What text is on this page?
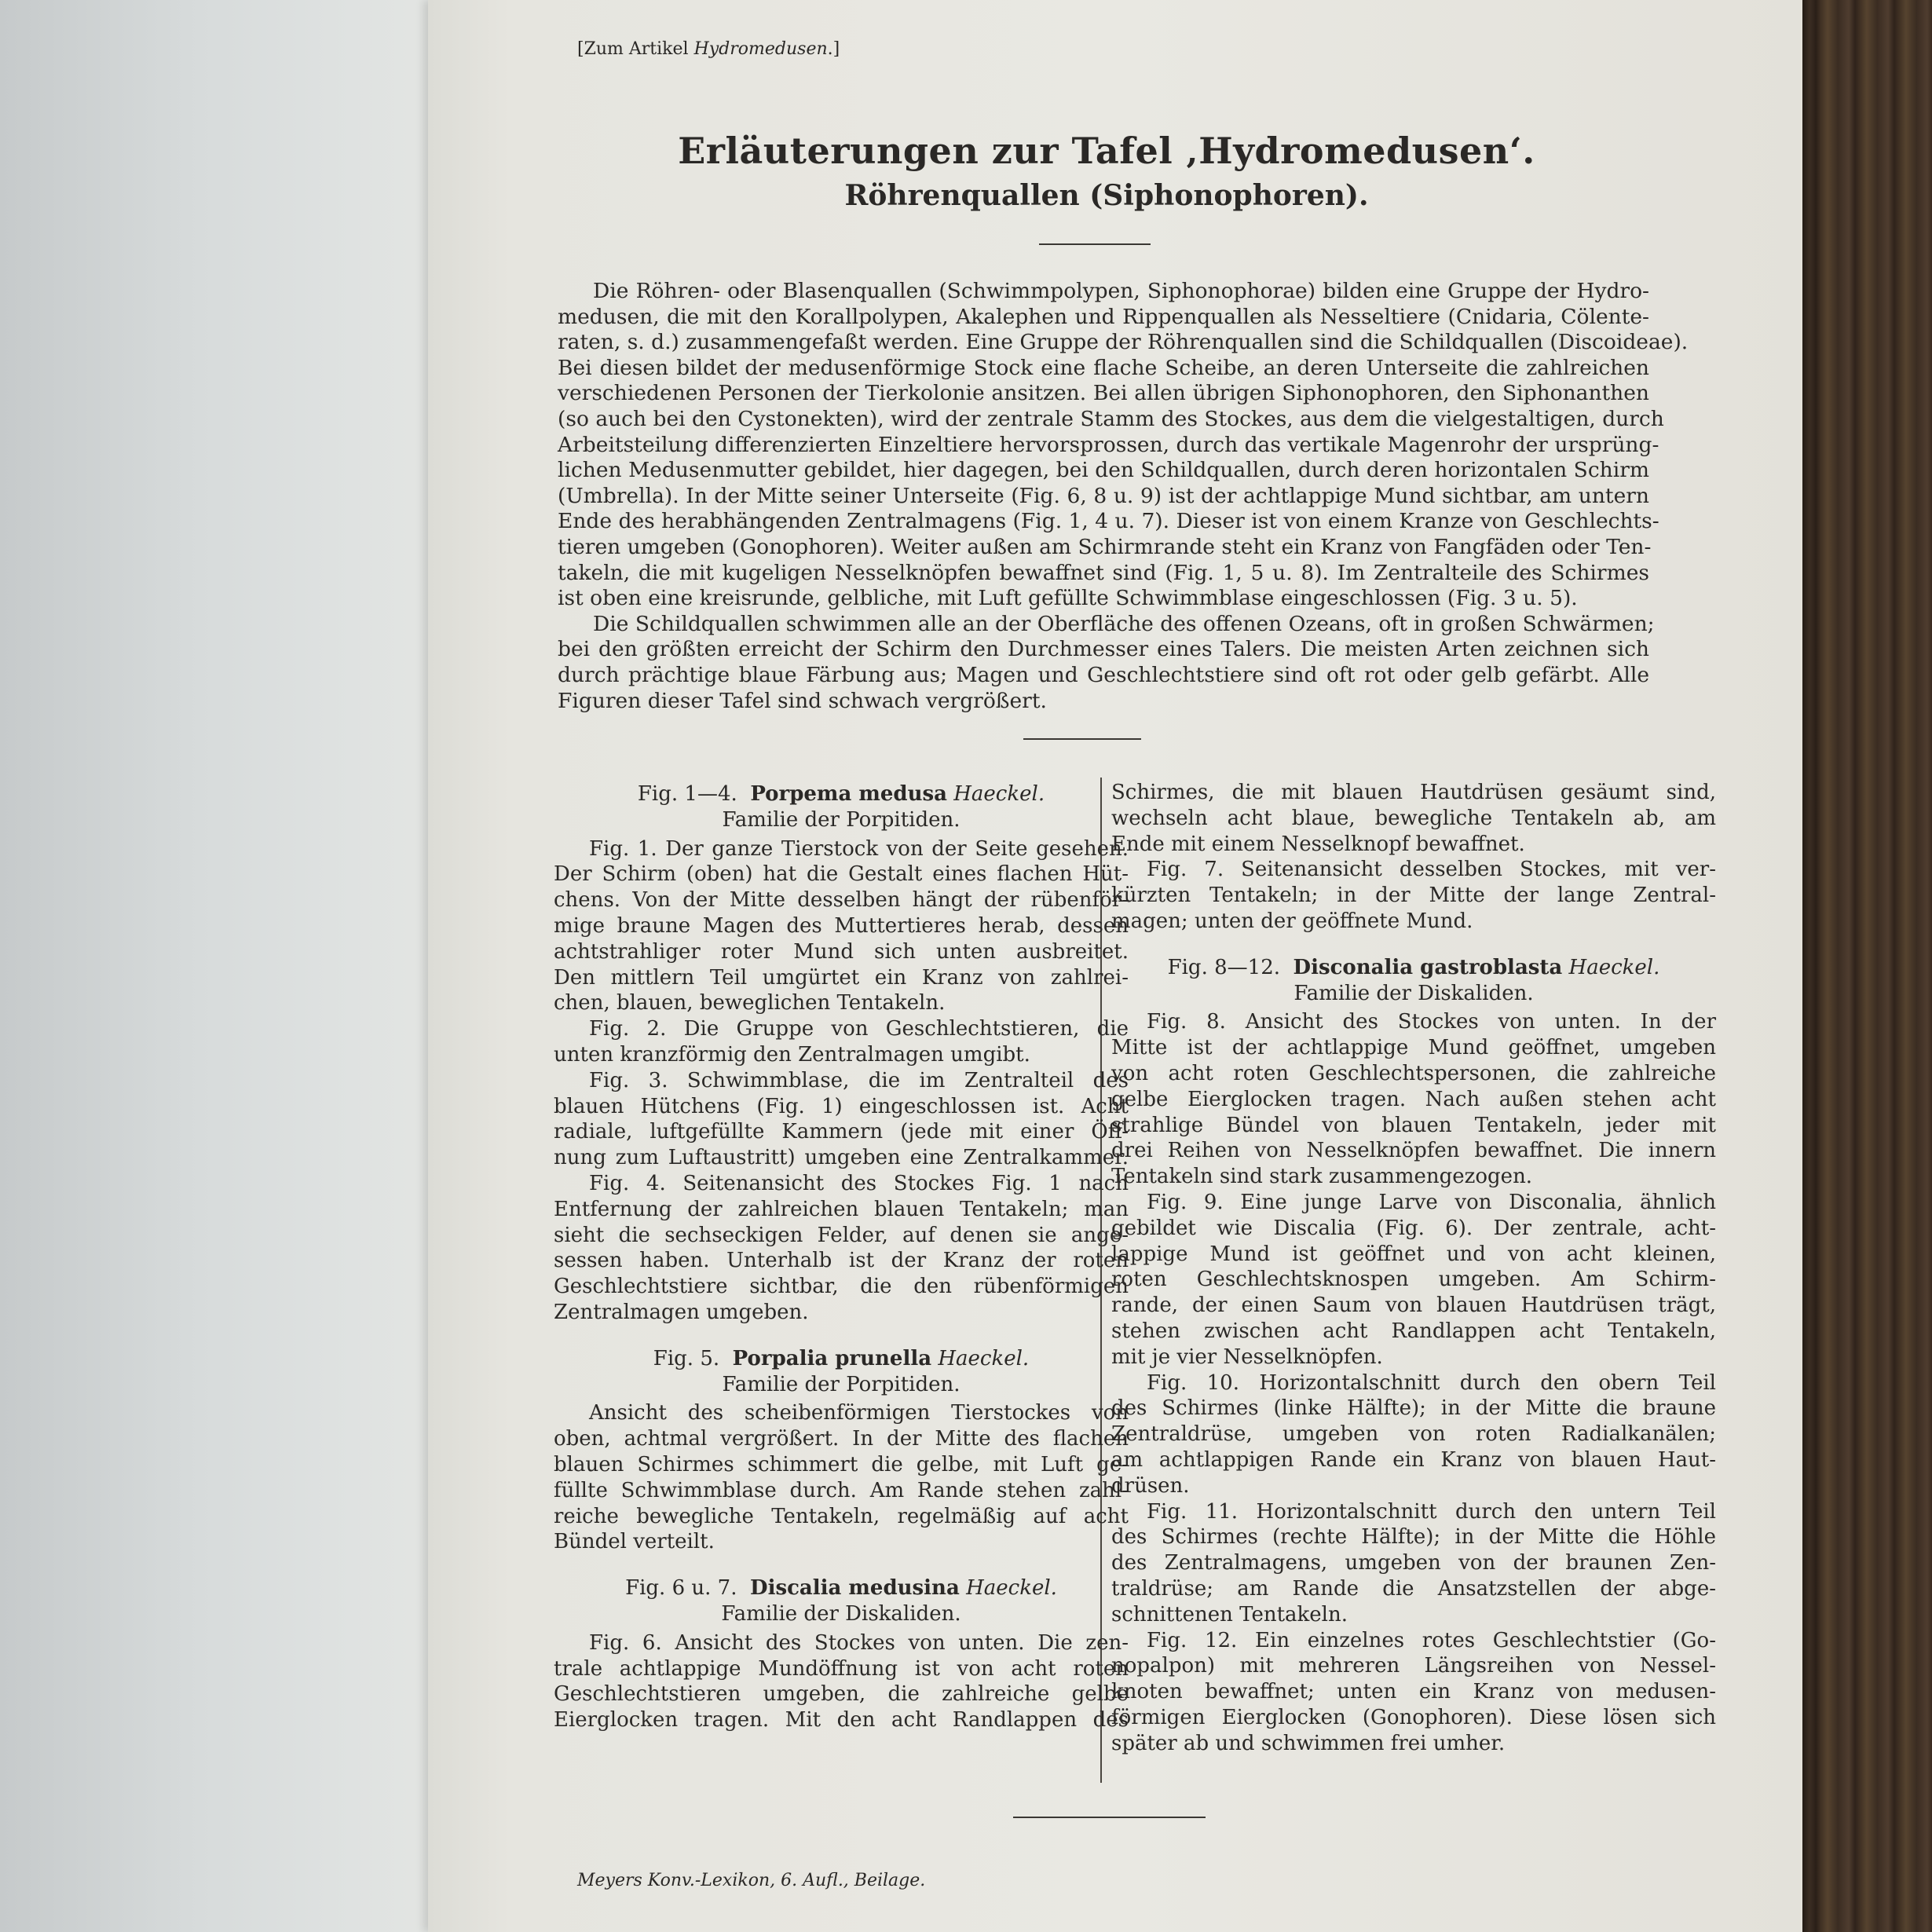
[Zum Artikel Hydromedusen.]
Erläuterungen zur Tafel ‚Hydromedusen‘.
Röhrenquallen (Siphonophoren).
Die Röhren- oder Blasenquallen (Schwimmpolypen, Siphonophorae) bilden eine Gruppe der Hydro-
medusen, die mit den Korallpolypen, Akalephen und Rippenquallen als Nesseltiere (Cnidaria, Cölente-
raten, s. d.) zusammengefaßt werden. Eine Gruppe der Röhrenquallen sind die Schildquallen (Discoideae).
Bei diesen bildet der medusenförmige Stock eine flache Scheibe, an deren Unterseite die zahlreichen
verschiedenen Personen der Tierkolonie ansitzen. Bei allen übrigen Siphonophoren, den Siphonanthen
(so auch bei den Cystonekten), wird der zentrale Stamm des Stockes, aus dem die vielgestaltigen, durch
Arbeitsteilung differenzierten Einzeltiere hervorsprossen, durch das vertikale Magenrohr der ursprüng-
lichen Medusenmutter gebildet, hier dagegen, bei den Schildquallen, durch deren horizontalen Schirm
(Umbrella). In der Mitte seiner Unterseite (Fig. 6, 8 u. 9) ist der achtlappige Mund sichtbar, am untern
Ende des herabhängenden Zentralmagens (Fig. 1, 4 u. 7). Dieser ist von einem Kranze von Geschlechts-
tieren umgeben (Gonophoren). Weiter außen am Schirmrande steht ein Kranz von Fangfäden oder Ten-
takeln, die mit kugeligen Nesselknöpfen bewaffnet sind (Fig. 1, 5 u. 8). Im Zentralteile des Schirmes
ist oben eine kreisrunde, gelbliche, mit Luft gefüllte Schwimmblase eingeschlossen (Fig. 3 u. 5).
Die Schildquallen schwimmen alle an der Oberfläche des offenen Ozeans, oft in großen Schwärmen;
bei den größten erreicht der Schirm den Durchmesser eines Talers. Die meisten Arten zeichnen sich
durch prächtige blaue Färbung aus; Magen und Geschlechtstiere sind oft rot oder gelb gefärbt. Alle
Figuren dieser Tafel sind schwach vergrößert.
Fig. 1—4. Porpema medusa Haeckel.
Familie der Porpitiden.
Fig. 1. Der ganze Tierstock von der Seite gesehen.
Der Schirm (oben) hat die Gestalt eines flachen Hüt-
chens. Von der Mitte desselben hängt der rübenför-
mige braune Magen des Muttertieres herab, dessen
achtstrahliger roter Mund sich unten ausbreitet.
Den mittlern Teil umgürtet ein Kranz von zahlrei-
chen, blauen, beweglichen Tentakeln.
Fig. 2. Die Gruppe von Geschlechtstieren, die
unten kranzförmig den Zentralmagen umgibt.
Fig. 3. Schwimmblase, die im Zentralteil des
blauen Hütchens (Fig. 1) eingeschlossen ist. Acht
radiale, luftgefüllte Kammern (jede mit einer Öff-
nung zum Luftaustritt) umgeben eine Zentralkammer.
Fig. 4. Seitenansicht des Stockes Fig. 1 nach
Entfernung der zahlreichen blauen Tentakeln; man
sieht die sechseckigen Felder, auf denen sie ange-
sessen haben. Unterhalb ist der Kranz der roten
Geschlechtstiere sichtbar, die den rübenförmigen
Zentralmagen umgeben.
Fig. 5. Porpalia prunella Haeckel.
Familie der Porpitiden.
Ansicht des scheibenförmigen Tierstockes von
oben, achtmal vergrößert. In der Mitte des flachen
blauen Schirmes schimmert die gelbe, mit Luft ge-
füllte Schwimmblase durch. Am Rande stehen zahl-
reiche bewegliche Tentakeln, regelmäßig auf acht
Bündel verteilt.
Fig. 6 u. 7. Discalia medusina Haeckel.
Familie der Diskaliden.
Fig. 6. Ansicht des Stockes von unten. Die zen-
trale achtlappige Mundöffnung ist von acht roten
Geschlechtstieren umgeben, die zahlreiche gelbe
Eierglocken tragen. Mit den acht Randlappen des
Schirmes, die mit blauen Hautdrüsen gesäumt sind,
wechseln acht blaue, bewegliche Tentakeln ab, am
Ende mit einem Nesselknopf bewaffnet.
Fig. 7. Seitenansicht desselben Stockes, mit ver-
kürzten Tentakeln; in der Mitte der lange Zentral-
magen; unten der geöffnete Mund.
Fig. 8—12. Disconalia gastroblasta Haeckel.
Familie der Diskaliden.
Fig. 8. Ansicht des Stockes von unten. In der
Mitte ist der achtlappige Mund geöffnet, umgeben
von acht roten Geschlechtspersonen, die zahlreiche
gelbe Eierglocken tragen. Nach außen stehen acht
strahlige Bündel von blauen Tentakeln, jeder mit
drei Reihen von Nesselknöpfen bewaffnet. Die innern
Tentakeln sind stark zusammengezogen.
Fig. 9. Eine junge Larve von Disconalia, ähnlich
gebildet wie Discalia (Fig. 6). Der zentrale, acht-
lappige Mund ist geöffnet und von acht kleinen,
roten Geschlechtsknospen umgeben. Am Schirm-
rande, der einen Saum von blauen Hautdrüsen trägt,
stehen zwischen acht Randlappen acht Tentakeln,
mit je vier Nesselknöpfen.
Fig. 10. Horizontalschnitt durch den obern Teil
des Schirmes (linke Hälfte); in der Mitte die braune
Zentraldrüse, umgeben von roten Radialkanälen;
am achtlappigen Rande ein Kranz von blauen Haut-
drüsen.
Fig. 11. Horizontalschnitt durch den untern Teil
des Schirmes (rechte Hälfte); in der Mitte die Höhle
des Zentralmagens, umgeben von der braunen Zen-
traldrüse; am Rande die Ansatzstellen der abge-
schnittenen Tentakeln.
Fig. 12. Ein einzelnes rotes Geschlechtstier (Go-
nopalpon) mit mehreren Längsreihen von Nessel-
knoten bewaffnet; unten ein Kranz von medusen-
förmigen Eierglocken (Gonophoren). Diese lösen sich
später ab und schwimmen frei umher.
Meyers Konv.-Lexikon, 6. Aufl., Beilage.
